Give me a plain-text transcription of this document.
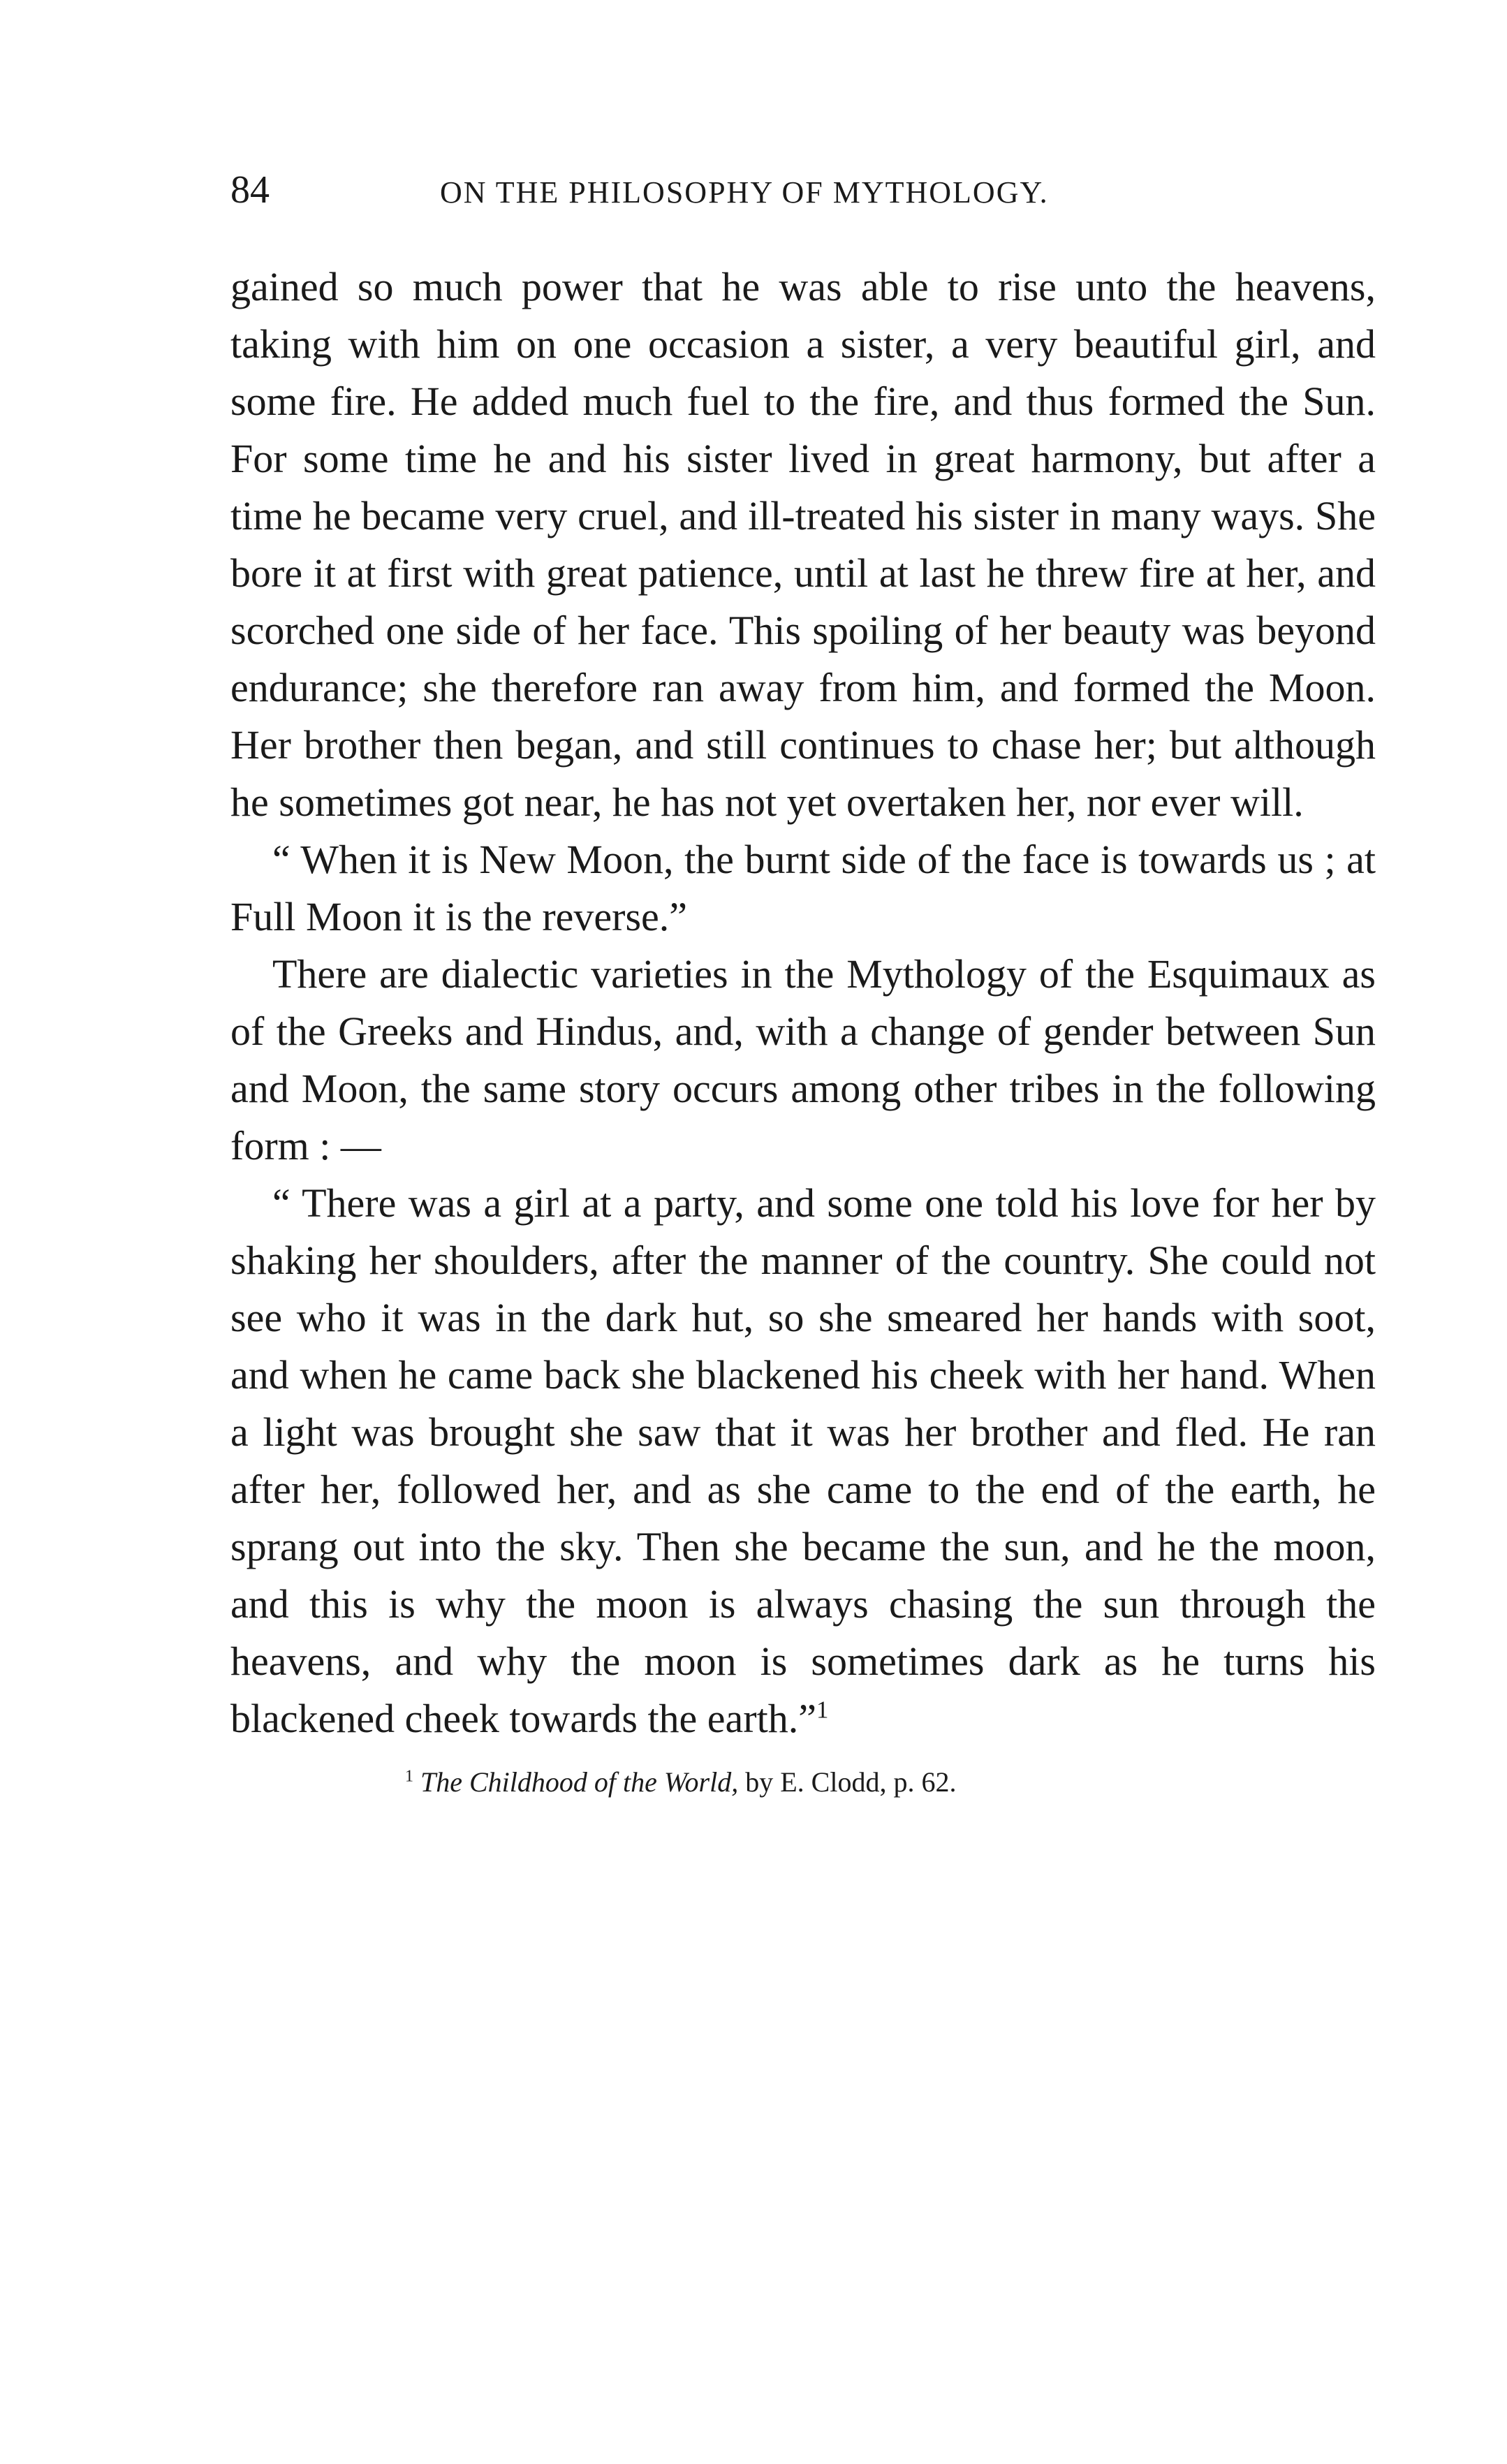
84	ON THE PHILOSOPHY OF MYTHOLOGY.

gained so much power that he was able to rise unto the heavens, taking with him on one occasion a sister, a very beautiful girl, and some fire. He added much fuel to the fire, and thus formed the Sun. For some time he and his sister lived in great harmony, but after a time he became very cruel, and ill-treated his sister in many ways. She bore it at first with great patience, until at last he threw fire at her, and scorched one side of her face. This spoiling of her beauty was beyond endurance; she therefore ran away from him, and formed the Moon. Her brother then began, and still continues to chase her; but although he sometimes got near, he has not yet overtaken her, nor ever will.

“ When it is New Moon, the burnt side of the face is towards us ; at Full Moon it is the reverse.”

There are dialectic varieties in the Mythology of the Esquimaux as of the Greeks and Hindus, and, with a change of gender between Sun and Moon, the same story occurs among other tribes in the following form : —

“ There was a girl at a party, and some one told his love for her by shaking her shoulders, after the manner of the country. She could not see who it was in the dark hut, so she smeared her hands with soot, and when he came back she blackened his cheek with her hand. When a light was brought she saw that it was her brother and fled. He ran after her, followed her, and as she came to the end of the earth, he sprang out into the sky. Then she became the sun, and he the moon, and this is why the moon is always chasing the sun through the heavens, and why the moon is sometimes dark as he turns his blackened cheek towards the earth.”$^1$

$^1$ The Childhood of the World, by E. Clodd, p. 62.
